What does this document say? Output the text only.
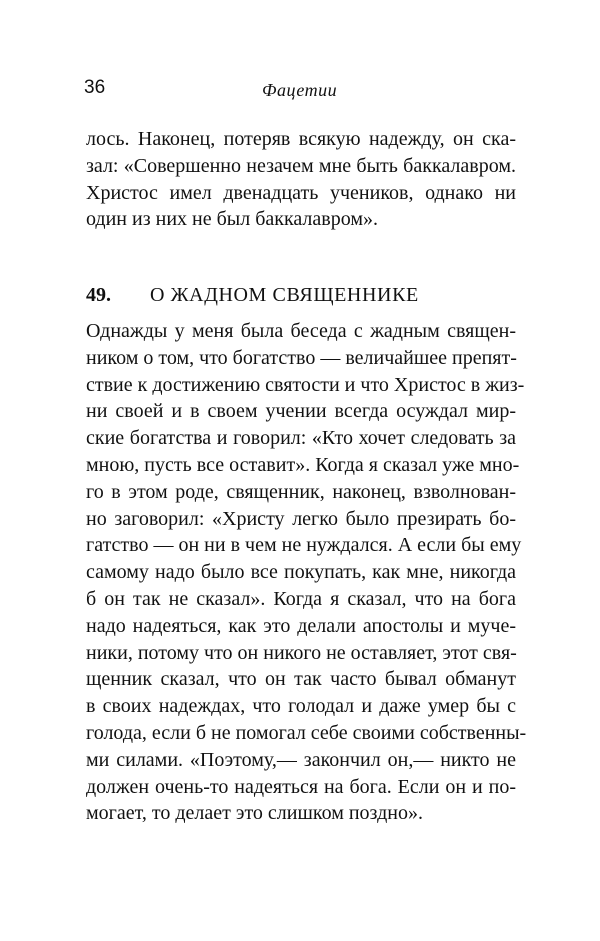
36	Фацетии
лось. Наконец, потеряв всякую надежду, он ска-
зал: «Совершенно незачем мне быть баккалавром.
Христос имел двенадцать учеников, однако ни
один из них не был баккалавром».
49. О ЖАДНОМ СВЯЩЕННИКЕ
Однажды у меня была беседа с жадным священ-
ником о том, что богатство — величайшее препят-
ствие к достижению святости и что Христос в жиз-
ни своей и в своем учении всегда осуждал мир-
ские богатства и говорил: «Кто хочет следовать за
мною, пусть все оставит». Когда я сказал уже мно-
го в этом роде, священник, наконец, взволнован-
но заговорил: «Христу легко было презирать бо-
гатство — он ни в чем не нуждался. А если бы ему
самому надо было все покупать, как мне, никогда
б он так не сказал». Когда я сказал, что на бога
надо надеяться, как это делали апостолы и муче-
ники, потому что он никого не оставляет, этот свя-
щенник сказал, что он так часто бывал обманут
в своих надеждах, что голодал и даже умер бы с
голода, если б не помогал себе своими собственны-
ми силами. «Поэтому,— закончил он,— никто не
должен очень-то надеяться на бога. Если он и по-
могает, то делает это слишком поздно».
